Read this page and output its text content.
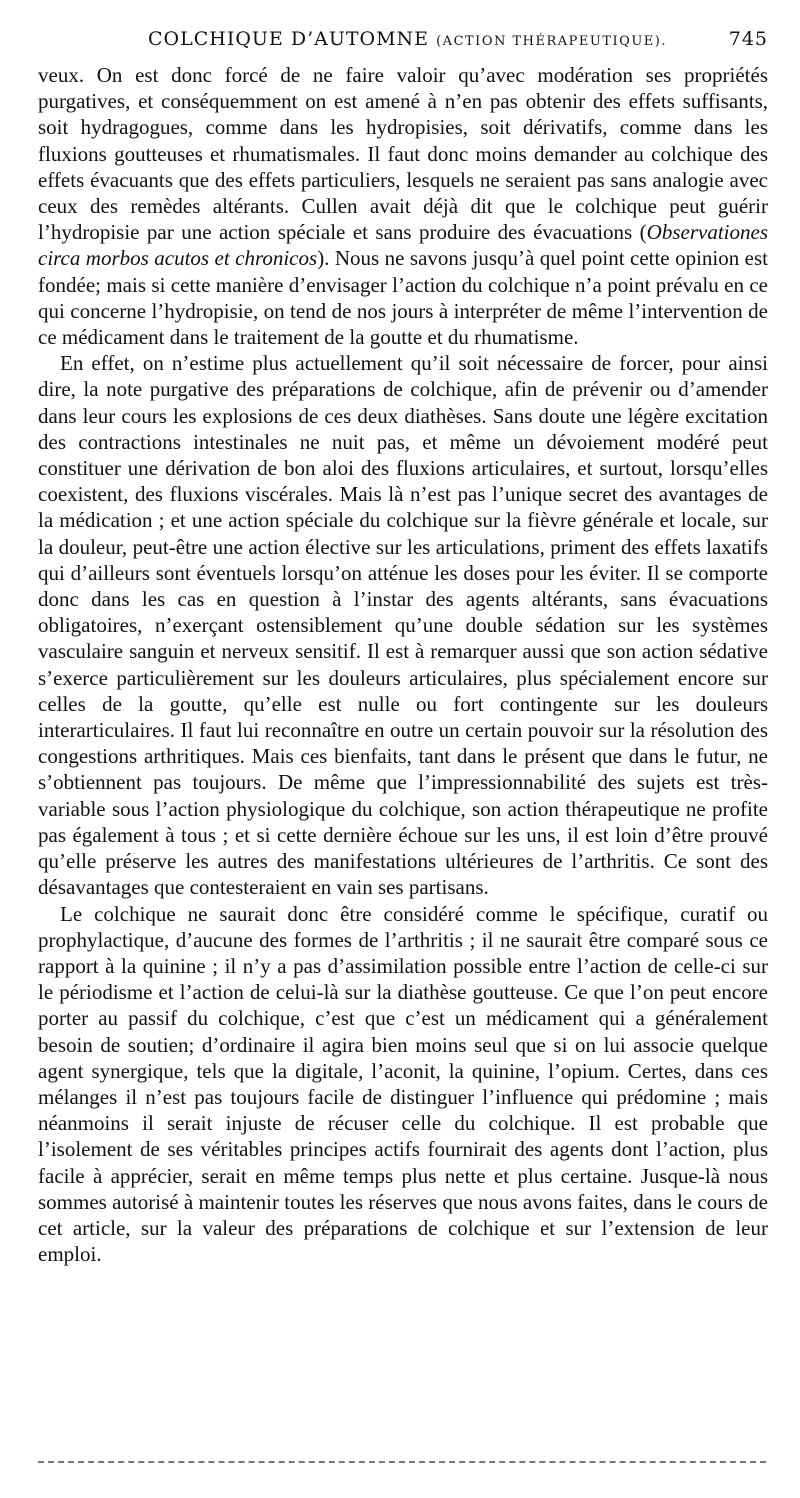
COLCHIQUE D’AUTOMNE (ACTION THÉRAPEUTIQUE).	745

veux. On est donc forcé de ne faire valoir qu’avec modération ses propriétés purgatives, et conséquemment on est amené à n’en pas obtenir des effets suffisants, soit hydragogues, comme dans les hydropisies, soit dérivatifs, comme dans les fluxions goutteuses et rhumatismales. Il faut donc moins demander au colchique des effets évacuants que des effets particuliers, lesquels ne seraient pas sans analogie avec ceux des remèdes altérants. Cullen avait déjà dit que le colchique peut guérir l’hydropisie par une action spéciale et sans produire des évacuations (Observationes circa morbos acutos et chronicos). Nous ne savons jusqu’à quel point cette opinion est fondée; mais si cette manière d’envisager l’action du colchique n’a point prévalu en ce qui concerne l’hydropisie, on tend de nos jours à interpréter de même l’intervention de ce médicament dans le traitement de la goutte et du rhumatisme.

En effet, on n’estime plus actuellement qu’il soit nécessaire de forcer, pour ainsi dire, la note purgative des préparations de colchique, afin de prévenir ou d’amender dans leur cours les explosions de ces deux diathèses. Sans doute une légère excitation des contractions intestinales ne nuit pas, et même un dévoiement modéré peut constituer une dérivation de bon aloi des fluxions articulaires, et surtout, lorsqu’elles coexistent, des fluxions viscérales. Mais là n’est pas l’unique secret des avantages de la médication ; et une action spéciale du colchique sur la fièvre générale et locale, sur la douleur, peut-être une action élective sur les articulations, priment des effets laxatifs qui d’ailleurs sont éventuels lorsqu’on atténue les doses pour les éviter. Il se comporte donc dans les cas en question à l’instar des agents altérants, sans évacuations obligatoires, n’exerçant ostensiblement qu’une double sédation sur les systèmes vasculaire sanguin et nerveux sensitif. Il est à remarquer aussi que son action sédative s’exerce particulièrement sur les douleurs articulaires, plus spécialement encore sur celles de la goutte, qu’elle est nulle ou fort contingente sur les douleurs interarticulaires. Il faut lui reconnaître en outre un certain pouvoir sur la résolution des congestions arthritiques. Mais ces bienfaits, tant dans le présent que dans le futur, ne s’obtiennent pas toujours. De même que l’impressionnabilité des sujets est très-variable sous l’action physiologique du colchique, son action thérapeutique ne profite pas également à tous ; et si cette dernière échoue sur les uns, il est loin d’être prouvé qu’elle préserve les autres des manifestations ultérieures de l’arthritis. Ce sont des désavantages que contesteraient en vain ses partisans.

Le colchique ne saurait donc être considéré comme le spécifique, curatif ou prophylactique, d’aucune des formes de l’arthritis ; il ne saurait être comparé sous ce rapport à la quinine ; il n’y a pas d’assimilation possible entre l’action de celle-ci sur le périodisme et l’action de celui-là sur la diathèse goutteuse. Ce que l’on peut encore porter au passif du colchique, c’est que c’est un médicament qui a généralement besoin de soutien; d’ordinaire il agira bien moins seul que si on lui associe quelque agent synergique, tels que la digitale, l’aconit, la quinine, l’opium. Certes, dans ces mélanges il n’est pas toujours facile de distinguer l’influence qui prédomine ; mais néanmoins il serait injuste de récuser celle du colchique. Il est probable que l’isolement de ses véritables principes actifs fournirait des agents dont l’action, plus facile à apprécier, serait en même temps plus nette et plus certaine. Jusque-là nous sommes autorisé à maintenir toutes les réserves que nous avons faites, dans le cours de cet article, sur la valeur des préparations de colchique et sur l’extension de leur emploi.
